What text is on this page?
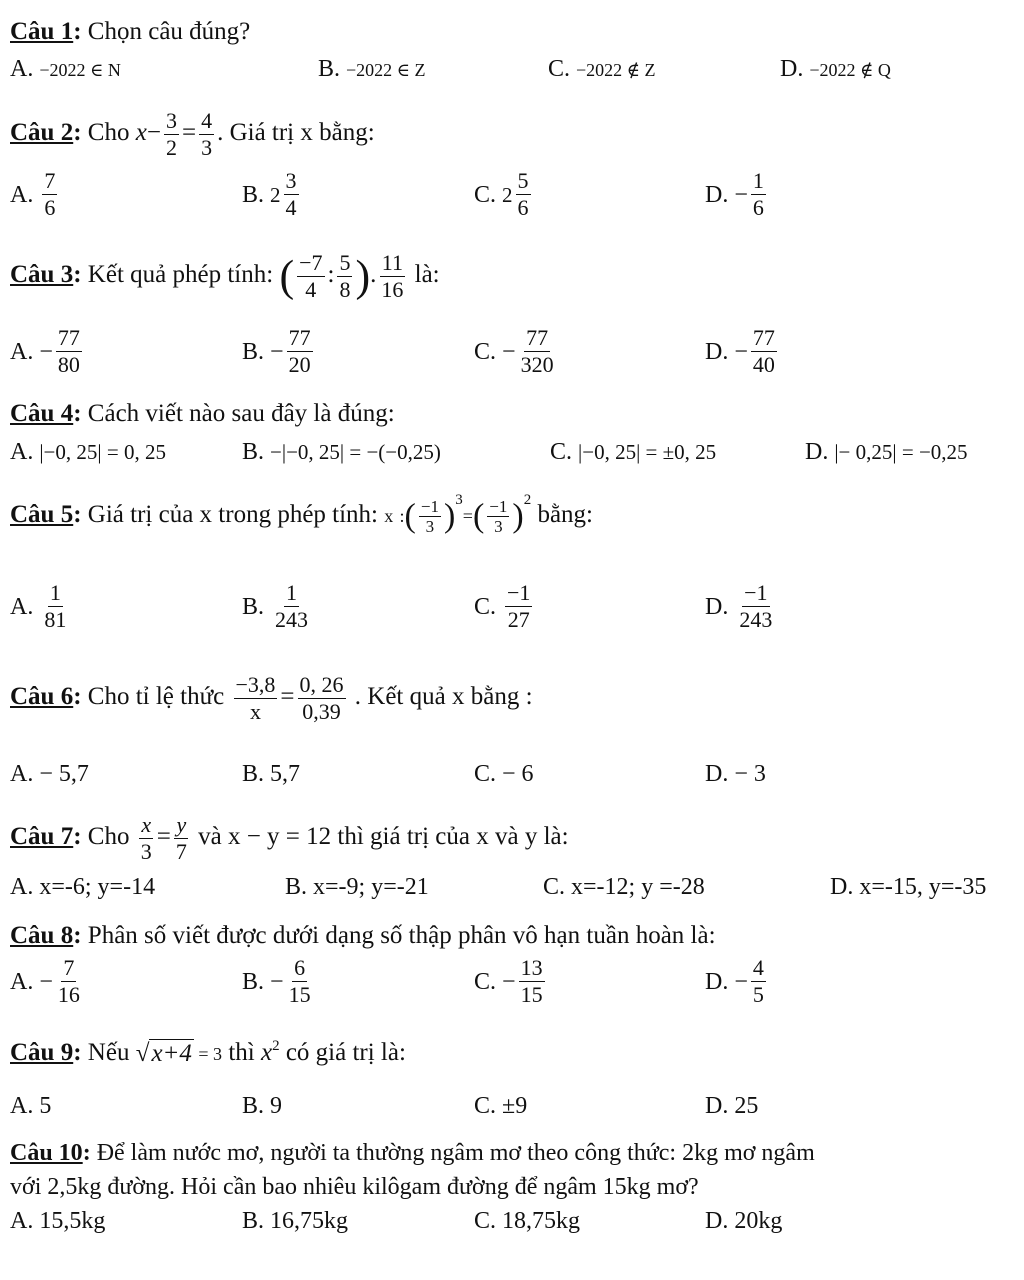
Câu 1: Chọn câu đúng?
A. −2022 ∈ N	B. −2022 ∈ Z	C. −2022 ∉ Z	D. −2022 ∉ Q
Câu 2: Cho $x- \frac{3}{2} = \frac{4}{3}$ . Giá trị x bằng:
A. $\frac{7}{6}$	B. $2 \frac{3}{4}$	C. $2 \frac{5}{6}$	D. − $\frac{1}{6}$
Câu 3: Kết quả phép tính: ( $\frac{-7}{4}$ : $\frac{5}{8}$ ). $\frac{11}{16}$ là:
A. − $\frac{77}{80}$	B. − $\frac{77}{20}$	C. − $\frac{77}{320}$	D. − $\frac{77}{40}$
Câu 4: Cách viết nào sau đây là đúng:
A. |−0, 25| = 0, 25	B. −|−0, 25| = −(−0,25)	C. |−0, 25| = ±0, 25	D. |− 0,25| = −0,25
Câu 5: Giá trị của x trong phép tính: x :( $\frac{-1}{3} )^3=( \frac{-1}{3} )^2$ bằng:
A. $\frac{1}{81}$	B. $\frac{1}{243}$	C. $\frac{-1}{27}$	D. $\frac{-1}{243}$
Câu 6: Cho tỉ lệ thức $\frac{-3,8}{x} = \frac{0, 26}{0,39}$ . Kết quả x bằng :
A. − 5,7	B. 5,7	C. − 6	D. − 3
Câu 7: Cho $\frac{x}{3} = \frac{y}{7}$ và x − y = 12 thì giá trị của x và y là:
A. x=-6; y=-14	B. x=-9; y=-21	C. x=-12; y =-28	D. x=-15, y=-35
Câu 8: Phân số viết được dưới dạng số thập phân vô hạn tuần hoàn là:
A. − $\frac{7}{16}$	B. − $\frac{6}{15}$	C. − $\frac{13}{15}$	D. − $\frac{4}{5}$
Câu 9: Nếu √x+4 = 3 thì $x^2$ có giá trị là:
A. 5	B. 9	C. ±9	D. 25
Câu 10: Để làm nước mơ, người ta thường ngâm mơ theo công thức: 2kg mơ ngâm
với 2,5kg đường. Hỏi cần bao nhiêu kilôgam đường để ngâm 15kg mơ?
A. 15,5kg	B. 16,75kg	C. 18,75kg	D. 20kg
